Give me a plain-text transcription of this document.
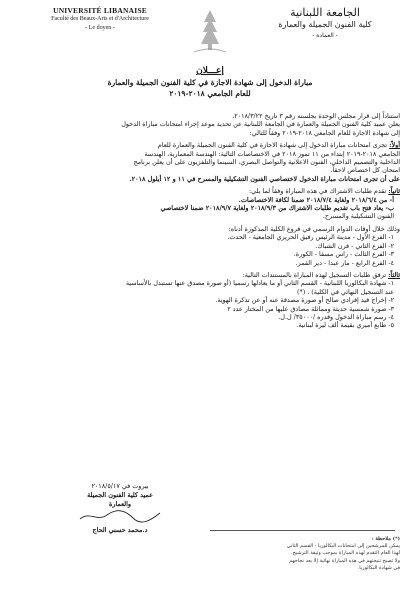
UNIVERSITÉ LIBANAISE
Faculté des Beaux-Arts et d'Architecture
- Le doyen -
الجامعة اللبنانية
كلية الفنون الجميلة والعمارة
- العمادة -
إعـــلان
مباراة الدخول إلى شهادة الاجازة في كلية الفنون الجميلة والعمارة
للعام الجامعي ٢٠١٨-٢٠١٩

استناداً إلى قرار مجلس الوحدة بجلسته رقم ٣ تاريخ ٢٠١٨/٣/٢٢،

يعلن عميد كلية الفنون الجميلة والعمارة في الجامعة اللبنانية عن تحديد موعد إجراء امتحانات مباراة الدخول

إلى شهادة الاجازة للعام الجامعي ٢٠١٨-٢٠١٩ وفقاً للتالي:

أولاً: تجرى امتحانات مباراة الدخول إلى شهادة الاجازة في كلية الفنون الجميلة والعمارة للعام

الجامعي ٢٠١٨-٢٠١٩ إبتداء من ١١ تموز ٢٠١٨ في الاختصاصات التالية: الهندسة المعمارية، الهندسة

الداخلية والتصميم الداخلي، الفنون الاعلانية والتواصل البصري، السينما والتلفزيون على أن يعلن برنامج

امتحان كل اختصاص لاحقاً.

على أن تجرى امتحانات مباراة الدخول لاختصاصي الفنون التشكيلية والمسرح في ١١ و ١٢ أيلول ٢٠١٨.

ثانياً: تقدم طلبات الاشتراك في هذه المباراة وفقاً لما يلي:

أ- من ٢٠١٨/٦/٤ ولغاية ٢٠١٨/٧/٤ ضمنا لكافة الاختصاصات.

ب- يعاد فتح باب تقديم طلبات الاشتراك من ٢٠١٨/٩/٣ ولغاية ٢٠١٨/٩/٧ ضمنا لاختصاصي

الفنون التشكيلية والمسرح.

وذلك خلال أوقات الدوام الرسمي في فروع الكلية المذكورة أدناه:

١- الفرع الأول - مدينة الرئيس رفيق الحريري الجامعية - الحدث.

٢- الفرع الثاني - فرن الشباك.

٣- الفرع الثالث - راس مسقا - الكورة.

٤- الفرع الرابع - مار عبدا - دير القمر.

ثالثاً: ترفق طلبات التسجيل لهذه المباراة بالمستندات التالية:

١- شهادة البكالوريا اللبنانية - القسم الثاني أو ما يعادلها رسميا (أو صورة مصدق عنها تستبدل بالأساسية

عند التسجيل النهائي في الكلية) . (*)

٢- إخراج قيد إفرادي صالح أو صورة مصدقة عنه أو عن تذكرة الهوية.

٣- صورة شمسية حديثة ومماثلة مصادق عليها من المختار عدد ٢

٤- رسم مباراة الدخول وقدره /٣٥٠٠٠/ ل.ل.

٥- طابع أميري بقيمة ألف ليرة لبنانية.

بيروت في ٢٠١٨/٥/١٧
عميد كلية الفنون الجميلة
والعمارة
د.محمد حسني الحاج

(*) ملاحظة :

يمكن للمرشحين إلى امتحانات البكالوريا - القسم الثاني

لهذا العام التقدم لهذه المباراة بموجب وثيقة الترشيح.

ولا تصبح نتيجتهم في هذه المباراة نهائية إلا بعد نجاحهم

في شهادة البكالوريا.
